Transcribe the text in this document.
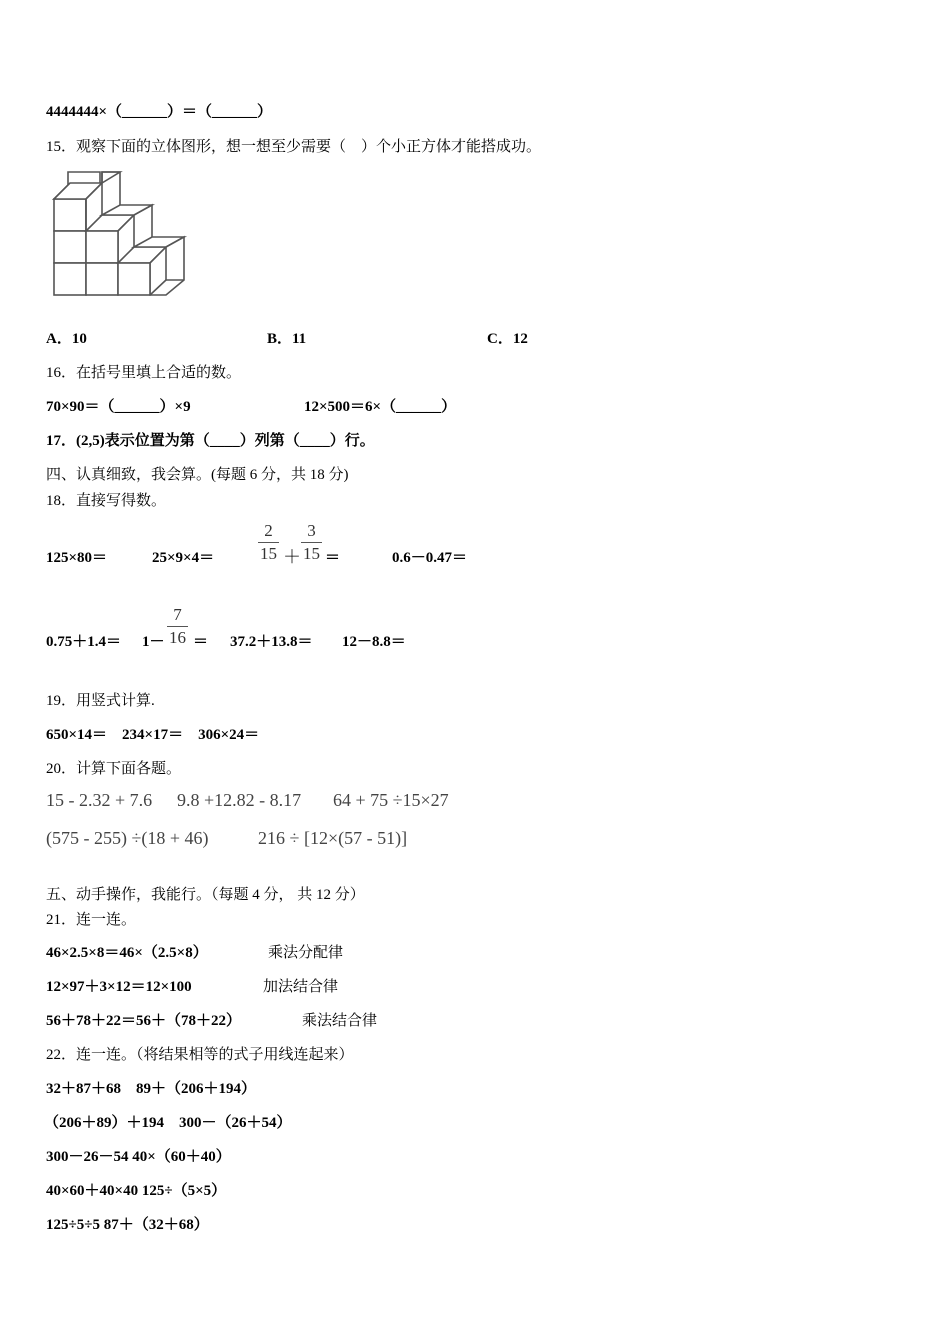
4444444×（______）＝（______）
15．观察下面的立体图形，想一想至少需要（　）个小正方体才能搭成功。
A．10	B．11	C．12
16．在括号里填上合适的数。
70×90＝（______）×9	12×500＝6×（______）
17．(2,5)表示位置为第（____）列第（____）行。
四、认真细致，我会算。(每题 6 分，共 18 分)
18．直接写得数。
125×80＝	25×9×4＝
2
15 ＋
3
15 ＝	0.6－0.47＝
0.75＋1.4＝ 1－
7
16 ＝ 37.2＋13.8＝ 12－8.8＝
19．用竖式计算.
650×14＝　234×17＝　306×24＝
20．计算下面各题。
15 - 2.32 + 7.6 9.8 +12.82 - 8.17 64 + 75 ÷15×27
(575 - 255) ÷(18 + 46)	216 ÷ [12×(57 - 51)]
五、动手操作，我能行。（每题 4 分， 共 12 分）
21．连一连。
46×2.5×8＝46×（2.5×8）	乘法分配律
12×97＋3×12＝12×100	加法结合律
56＋78＋22＝56＋（78＋22）	乘法结合律
22．连一连。（将结果相等的式子用线连起来）
32＋87＋68　89＋（206＋194）
（206＋89）＋194　300－（26＋54）
300－26－54 40×（60＋40）
40×60＋40×40 125÷（5×5）
125÷5÷5 87＋（32＋68）
